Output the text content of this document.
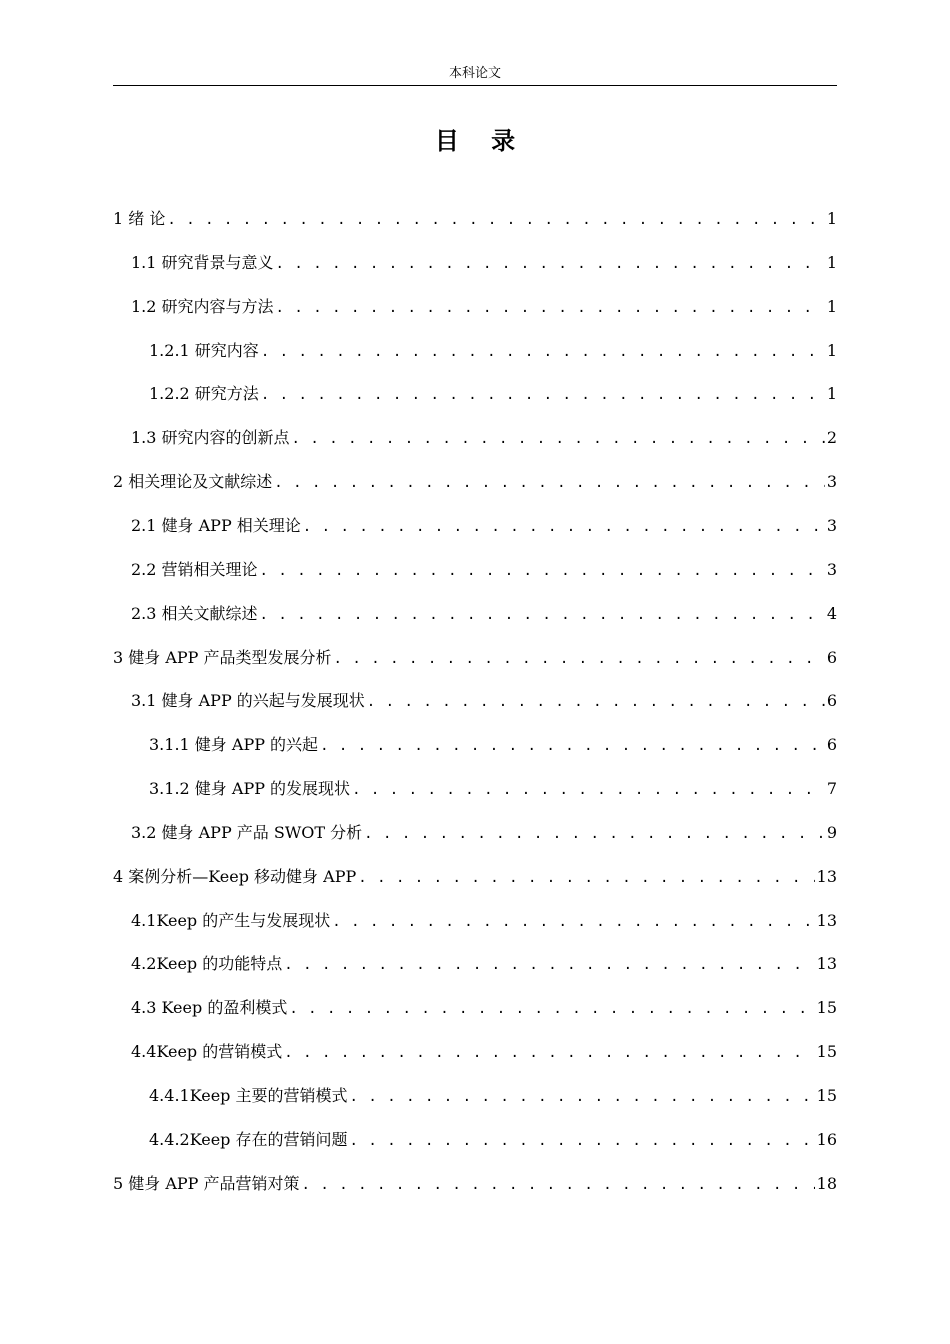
本科论文
目 录
1 绪 论 . . .	1
1.1 研究背景与意义 . . .	1
1.2 研究内容与方法 . . .	1
1.2.1 研究内容 . . .	1
1.2.2 研究方法 . . .	1
1.3 研究内容的创新点 . . .	2
2 相关理论及文献综述 . . .	3
2.1 健身 APP 相关理论 . . .	3
2.2 营销相关理论 . . .	3
2.3 相关文献综述 . . .	4
3 健身 APP 产品类型发展分析 . . .	6
3.1 健身 APP 的兴起与发展现状 . . .	6
3.1.1 健身 APP 的兴起 . . .	6
3.1.2 健身 APP 的发展现状 . . .	7
3.2 健身 APP 产品 SWOT 分析 . . .	9
4 案例分析—Keep 移动健身 APP . . .	13
4.1Keep 的产生与发展现状 . . .	13
4.2Keep 的功能特点 . . .	13
4.3 Keep 的盈利模式 . . .	15
4.4Keep 的营销模式 . . .	15
4.4.1Keep 主要的营销模式 . . .	15
4.4.2Keep 存在的营销问题 . . .	16
5 健身 APP 产品营销对策 . . .	18
